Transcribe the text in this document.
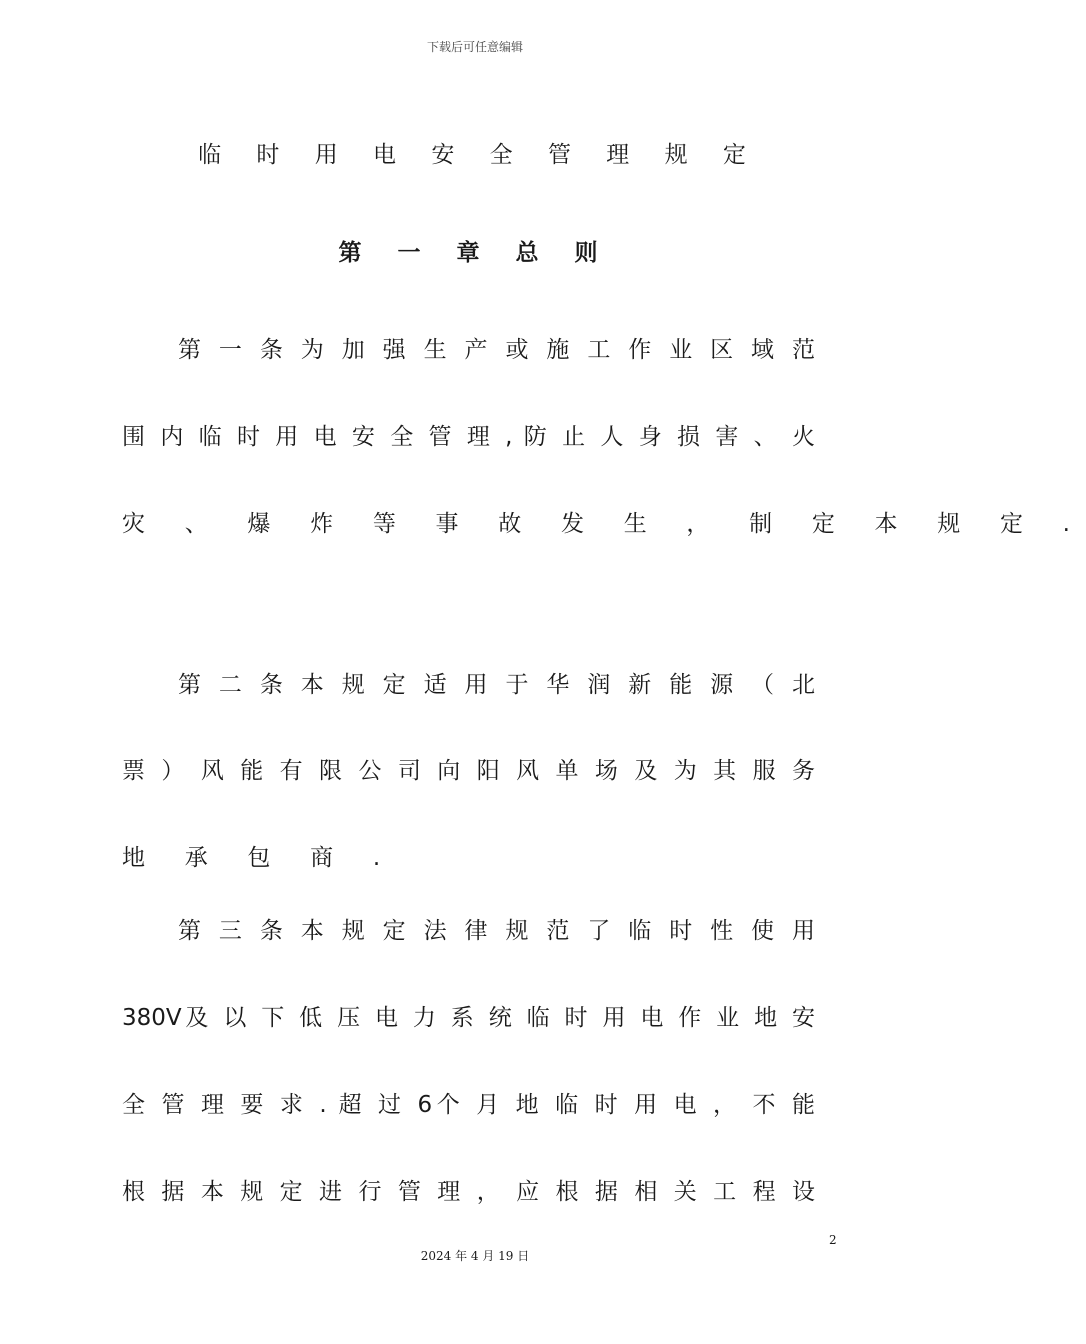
下载后可任意编辑
临 时 用 电 安 全 管 理 规 定
第 一 章 总 则
第 一 条 为 加 强 生 产 或 施 工 作 业 区 域 范
围 内 临 时 用 电 安 全 管 理 , 防 止 人 身 损 害 、 火
灾 、 爆 炸 等 事 故 发 生 ， 制 定 本 规 定 .
第 二 条 本 规 定 适 用 于 华 润 新 能 源 （ 北
票 ） 风 能 有 限 公 司 向 阳 风 单 场 及 为 其 服 务
地 承 包 商 .
第 三 条 本 规 定 法 律 规 范 了 临 时 性 使 用
380V及 以 下 低 压 电 力 系 统 临 时 用 电 作 业 地 安
全 管 理 要 求 . 超 过 6个 月 地 临 时 用 电 ， 不 能
根 据 本 规 定 进 行 管 理 ， 应 根 据 相 关 工 程 设
2
2024 年 4 月 19 日
